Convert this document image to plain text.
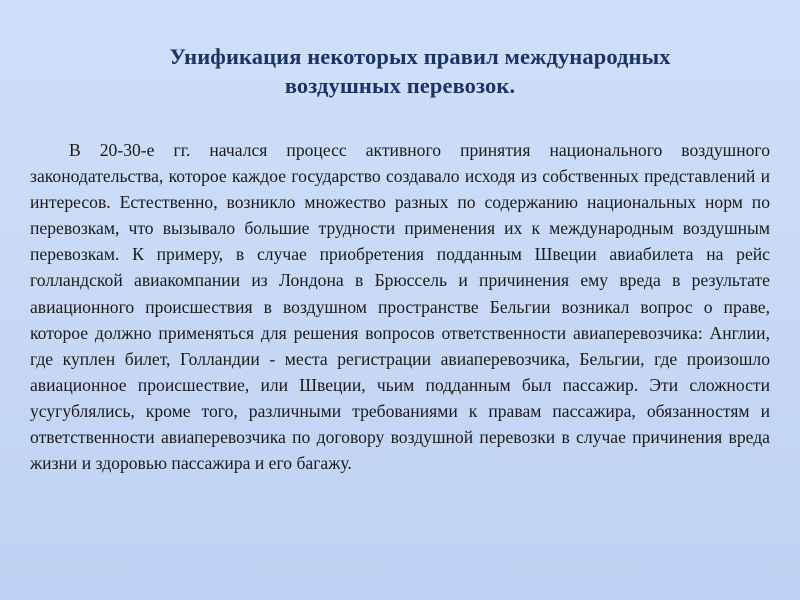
Унификация некоторых правил международных
воздушных перевозок.

В 20-30-е гг. начался процесс активного принятия национального воздушного законодательства, которое каждое государство создавало исходя из собственных представлений и интересов. Естественно, возникло множество разных по содержанию национальных норм по перевозкам, что вызывало большие трудности применения их к международным воздушным перевозкам. К примеру, в случае приобретения подданным Швеции авиабилета на рейс голландской авиакомпании из Лондона в Брюссель и причинения ему вреда в результате авиационного происшествия в воздушном пространстве Бельгии возникал вопрос о праве, которое должно применяться для решения вопросов ответственности авиаперевозчика: Англии, где куплен билет, Голландии - места регистрации авиаперевозчика, Бельгии, где произошло авиационное происшествие, или Швеции, чьим подданным был пассажир. Эти сложности усугублялись, кроме того, различными требованиями к правам пассажира, обязанностям и ответственности авиаперевозчика по договору воздушной перевозки в случае причинения вреда жизни и здоровью пассажира и его багажу.
